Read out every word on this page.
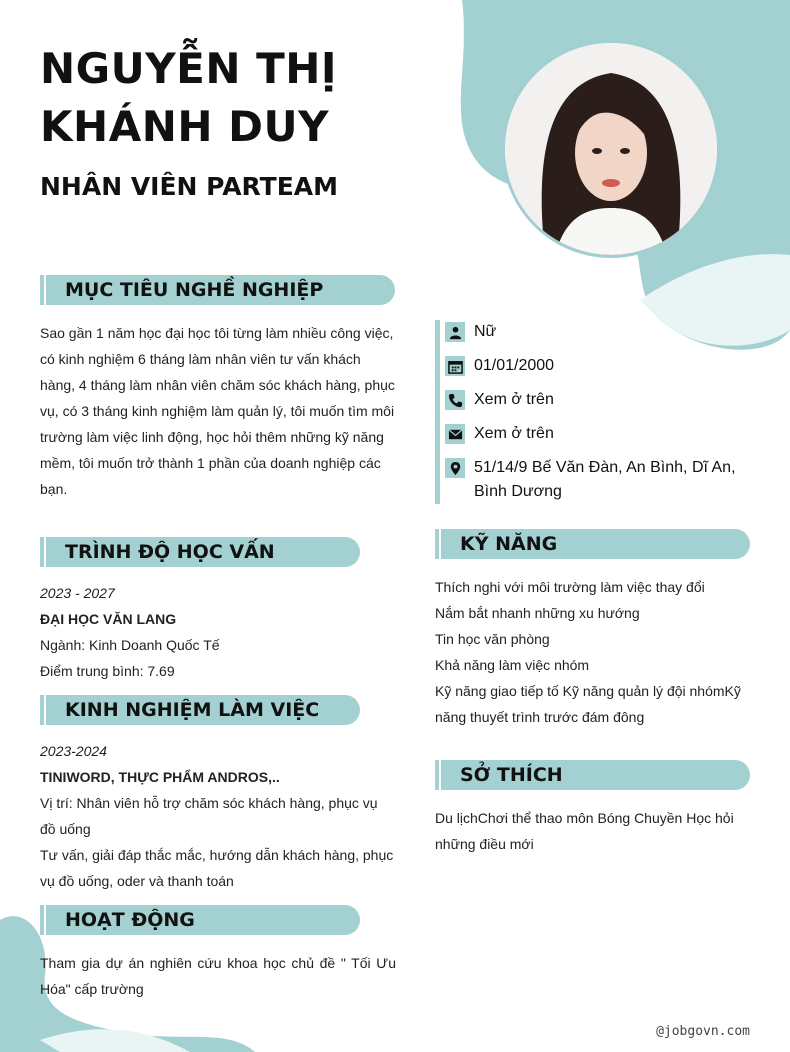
NGUYỄN THỊ
KHÁNH DUY
NHÂN VIÊN PARTEAM
MỤC TIÊU NGHỀ NGHIỆP
Sao gần 1 năm học đại học tôi từng làm nhiều công việc, có kinh nghiệm 6 tháng làm nhân viên tư vấn khách hàng, 4 tháng làm nhân viên chăm sóc khách hàng, phục vụ, có 3 tháng kinh nghiệm làm quản lý, tôi muốn tìm môi trường làm việc linh động, học hỏi thêm những kỹ năng mềm, tôi muốn trở thành 1 phần của doanh nghiệp các bạn.
TRÌNH ĐỘ HỌC VẤN
2023 - 2027
ĐẠI HỌC VĂN LANG
Ngành: Kinh Doanh Quốc Tế
Điểm trung bình: 7.69
KINH NGHIỆM LÀM VIỆC
2023-2024
TINIWORD, THỰC PHẨM ANDROS,..
Vị trí: Nhân viên hỗ trợ chăm sóc khách hàng, phục vụ đồ uống
Tư vấn, giải đáp thắc mắc, hướng dẫn khách hàng, phục vụ đồ uống, oder và thanh toán
HOẠT ĐỘNG
Tham gia dự án nghiên cứu khoa học chủ đề " Tối Ưu Hóa" cấp trường
Nữ
01/01/2000
Xem ở trên
Xem ở trên
51/14/9 Bế Văn Đàn, An Bình, Dĩ An, Bình Dương
KỸ NĂNG
Thích nghi với môi trường làm việc thay đổi
Nắm bắt nhanh những xu hướng
Tin học văn phòng
Khả năng làm việc nhóm
Kỹ năng giao tiếp tố Kỹ năng quản lý đội nhómKỹ năng thuyết trình trước đám đông
SỞ THÍCH
Du lịchChơi thể thao môn Bóng Chuyền Học hỏi những điều mới
@jobgovn.com
